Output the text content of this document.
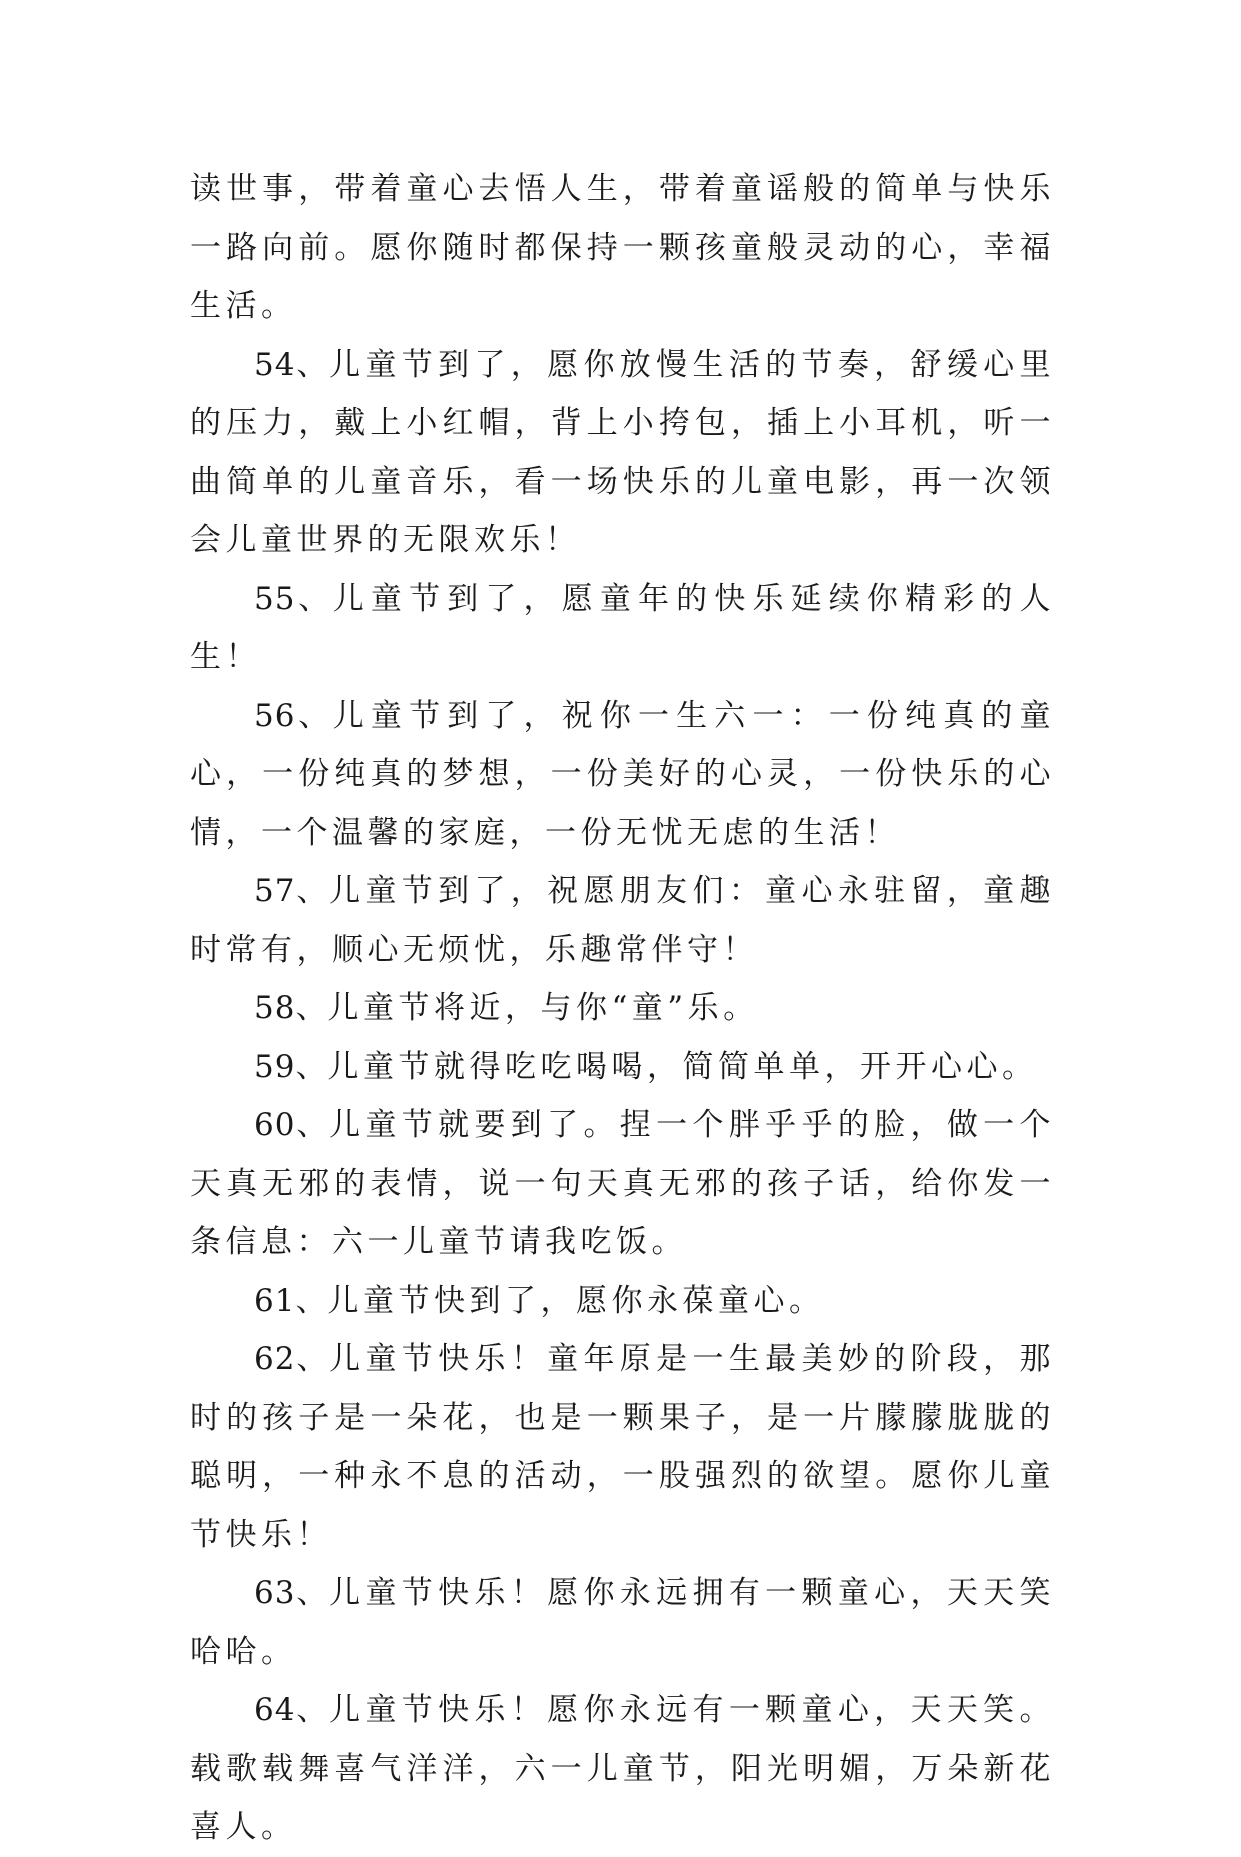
读世事，带着童心去悟人生，带着童谣般的简单与快乐一路向前。愿你随时都保持一颗孩童般灵动的心，幸福生活。

54、儿童节到了，愿你放慢生活的节奏，舒缓心里的压力，戴上小红帽，背上小挎包，插上小耳机，听一曲简单的儿童音乐，看一场快乐的儿童电影，再一次领会儿童世界的无限欢乐！

55、儿童节到了，愿童年的快乐延续你精彩的人生！

56、儿童节到了，祝你一生六一：一份纯真的童心，一份纯真的梦想，一份美好的心灵，一份快乐的心情，一个温馨的家庭，一份无忧无虑的生活！

57、儿童节到了，祝愿朋友们：童心永驻留，童趣时常有，顺心无烦忧，乐趣常伴守！

58、儿童节将近，与你“童”乐。

59、儿童节就得吃吃喝喝，简简单单，开开心心。

60、儿童节就要到了。捏一个胖乎乎的脸，做一个天真无邪的表情，说一句天真无邪的孩子话，给你发一条信息：六一儿童节请我吃饭。

61、儿童节快到了，愿你永葆童心。

62、儿童节快乐！童年原是一生最美妙的阶段，那时的孩子是一朵花，也是一颗果子，是一片朦朦胧胧的聪明，一种永不息的活动，一股强烈的欲望。愿你儿童节快乐！

63、儿童节快乐！愿你永远拥有一颗童心，天天笑哈哈。

64、儿童节快乐！愿你永远有一颗童心，天天笑。载歌载舞喜气洋洋，六一儿童节，阳光明媚，万朵新花喜人。
